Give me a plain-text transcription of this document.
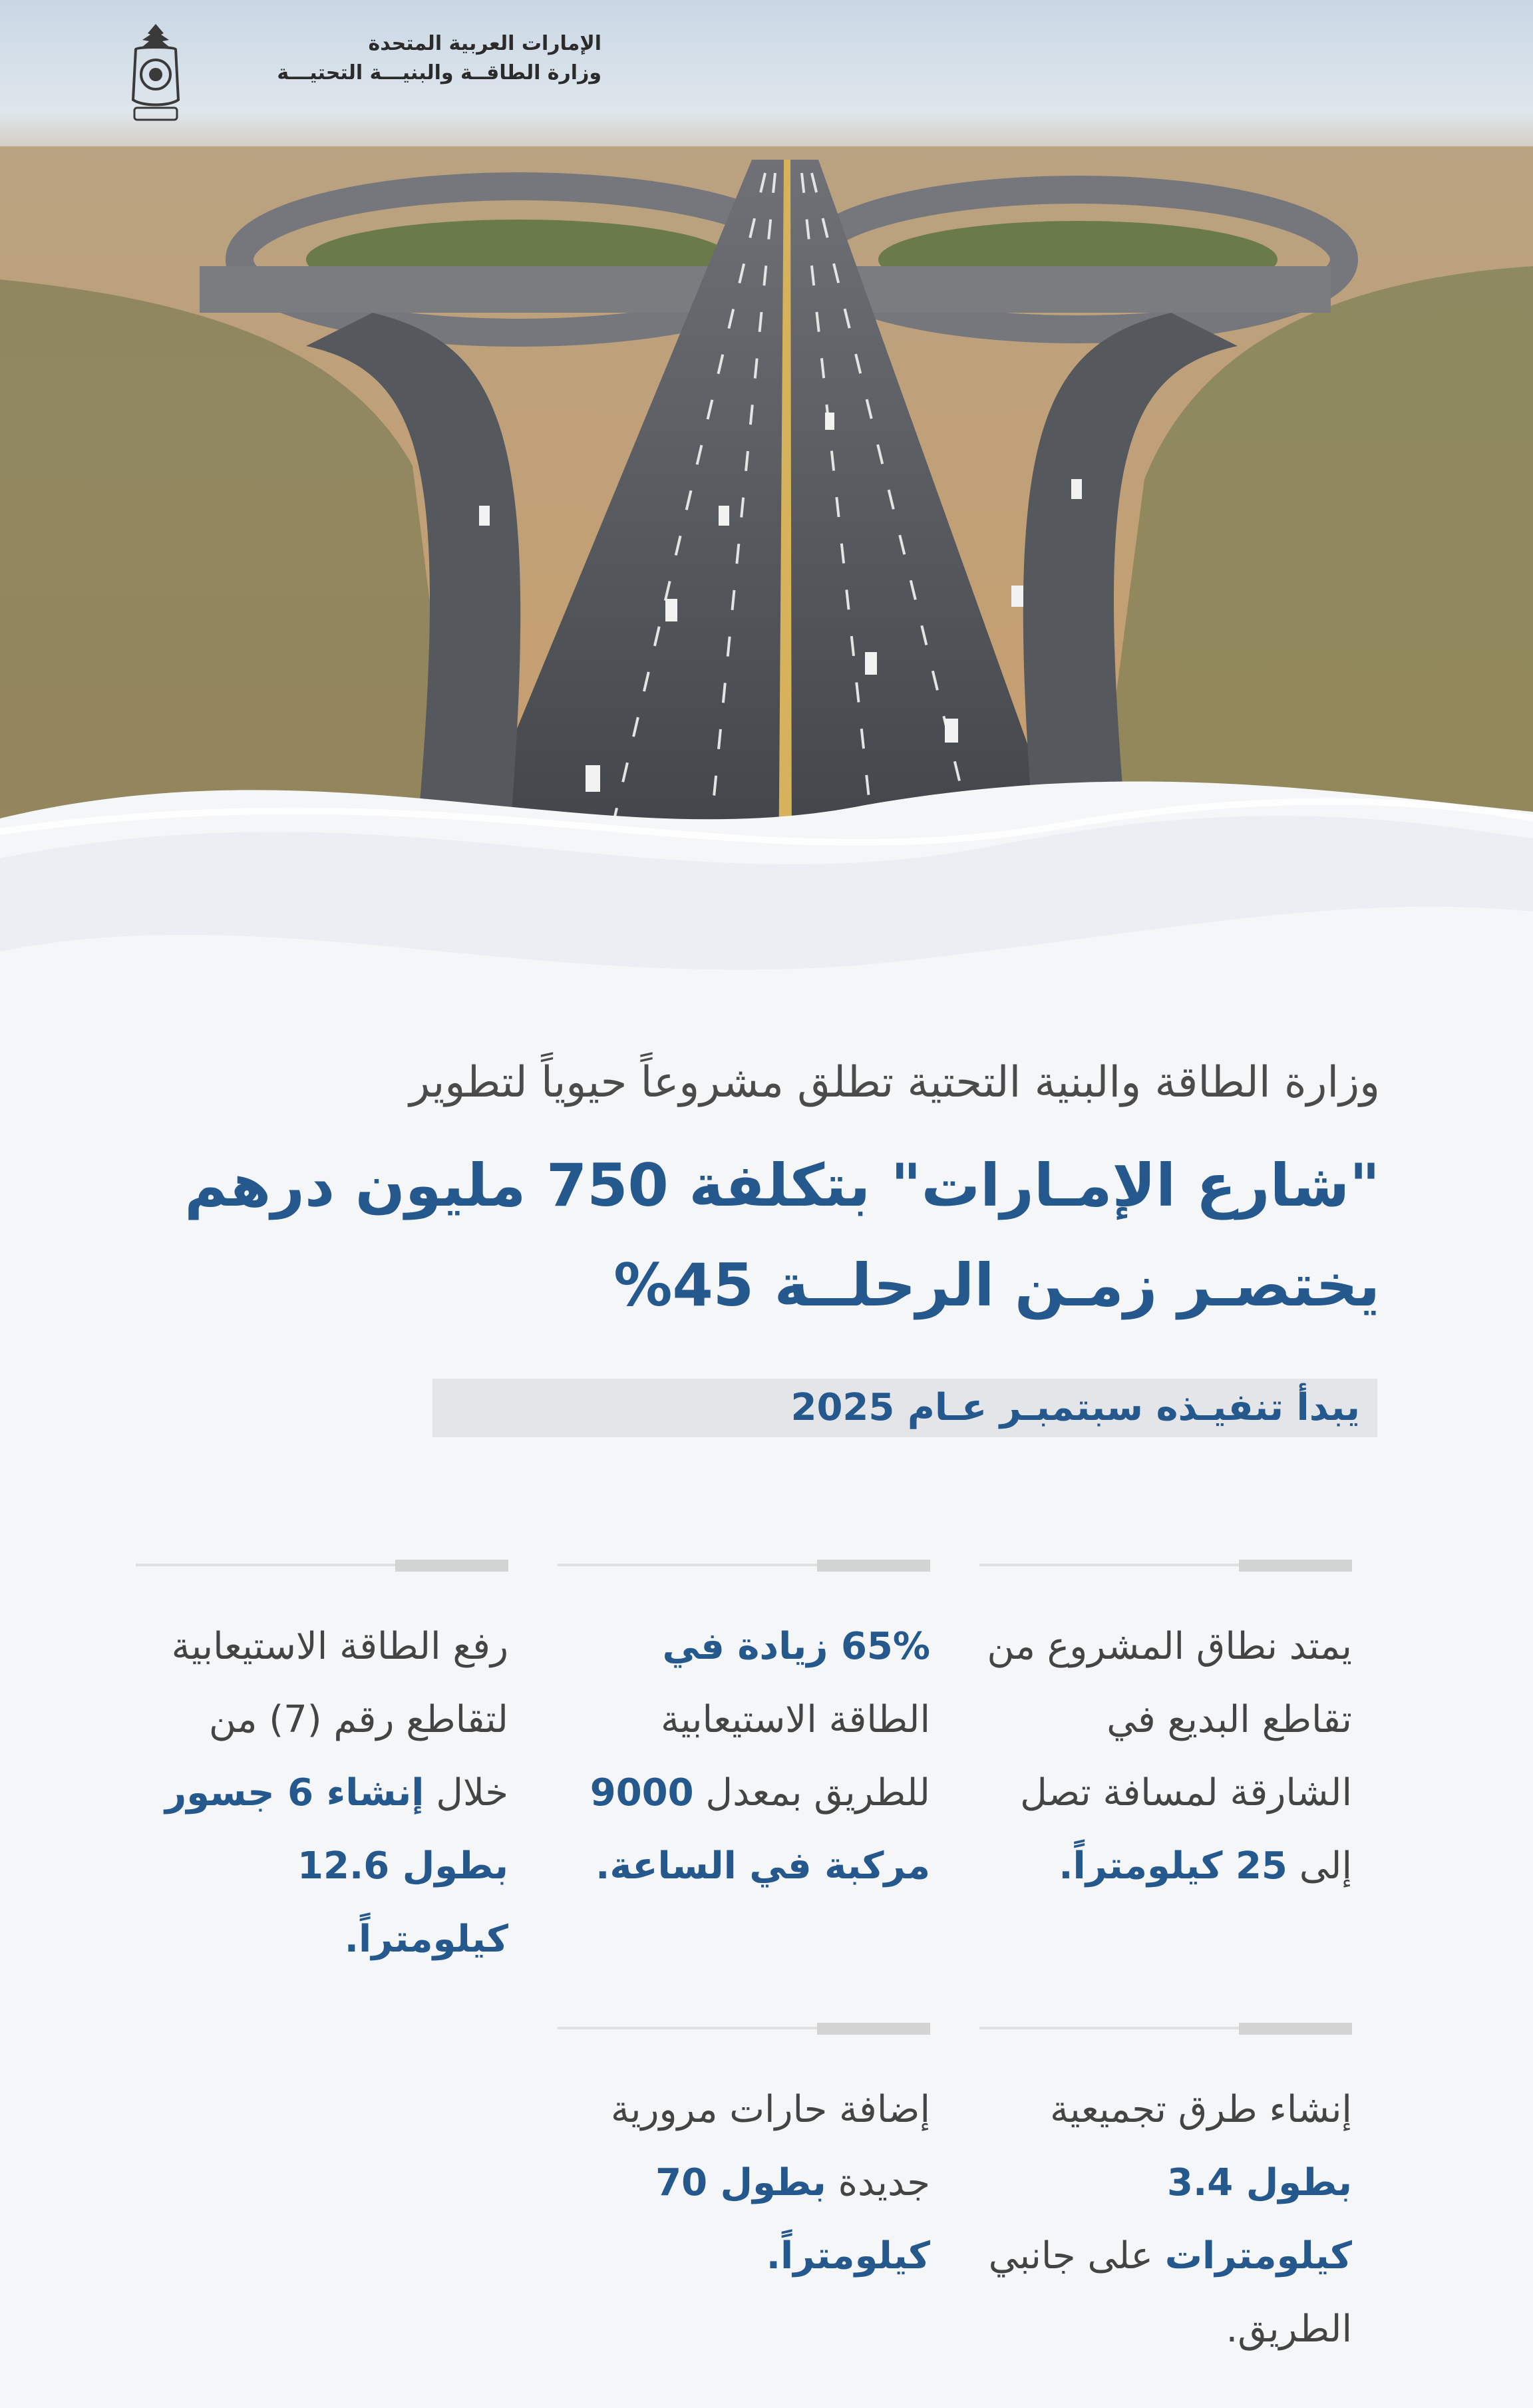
الإمارات العربية المتحدة
وزارة الطاقــة والبنيـــة التحتيـــة
وزارة الطاقة والبنية التحتية تطلق مشروعاً حيوياً لتطوير
"شارع الإمـارات" بتكلفة 750 مليون درهم
يختصـر زمـن الرحلــة 45%
يبدأ تنفيـذه سبتمبـر عـام 2025
يمتد نطاق المشروع من تقاطع البديع في الشارقة لمسافة تصل إلى 25 كيلومتراً.
65% زيادة في الطاقة الاستيعابية للطريق بمعدل 9000 مركبة في الساعة.
رفع الطاقة الاستيعابية لتقاطع رقم (7) من خلال إنشاء 6 جسور بطول 12.6 كيلومتراً.
إنشاء طرق تجميعية بطول 3.4 كيلومترات على جانبي الطريق.
إضافة حارات مرورية جديدة بطول 70 كيلومتراً.
